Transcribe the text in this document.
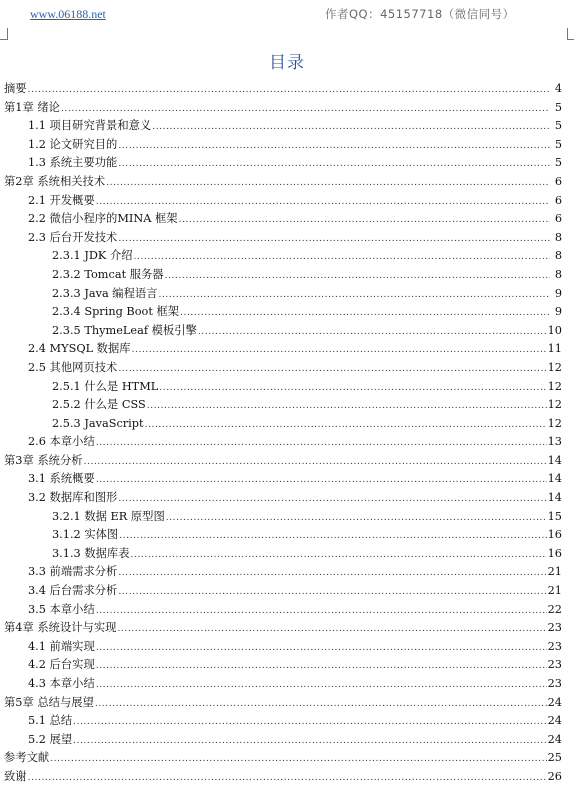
www.06188.net	作者QQ：45157718（微信同号）
目录
摘要 .....	4
第1章 绪论 .....	5
1.1 项目研究背景和意义 .....	5
1.2 论文研究目的 .....	5
1.3 系统主要功能 .....	5
第2章 系统相关技术 .....	6
2.1 开发概要 .....	6
2.2 微信小程序的MINA 框架 .....	6
2.3 后台开发技术 .....	8
2.3.1 JDK 介绍 .....	8
2.3.2 Tomcat 服务器 .....	8
2.3.3 Java 编程语言 .....	9
2.3.4 Spring Boot 框架 .....	9
2.3.5 ThymeLeaf 模板引擎 .....	10
2.4 MYSQL 数据库 .....	11
2.5 其他网页技术 .....	12
2.5.1 什么是 HTML .....	12
2.5.2 什么是 CSS .....	12
2.5.3 JavaScript .....	12
2.6 本章小结 .....	13
第3章 系统分析 .....	14
3.1 系统概要 .....	14
3.2 数据库和图形 .....	14
3.2.1 数据 ER 原型图 .....	15
3.1.2 实体图 .....	16
3.1.3 数据库表 .....	16
3.3 前端需求分析 .....	21
3.4 后台需求分析 .....	21
3.5 本章小结 .....	22
第4章 系统设计与实现 .....	23
4.1 前端实现 .....	23
4.2 后台实现 .....	23
4.3 本章小结 .....	23
第5章 总结与展望 .....	24
5.1 总结 .....	24
5.2 展望 .....	24
参考文献 .....	25
致谢 .....	26
